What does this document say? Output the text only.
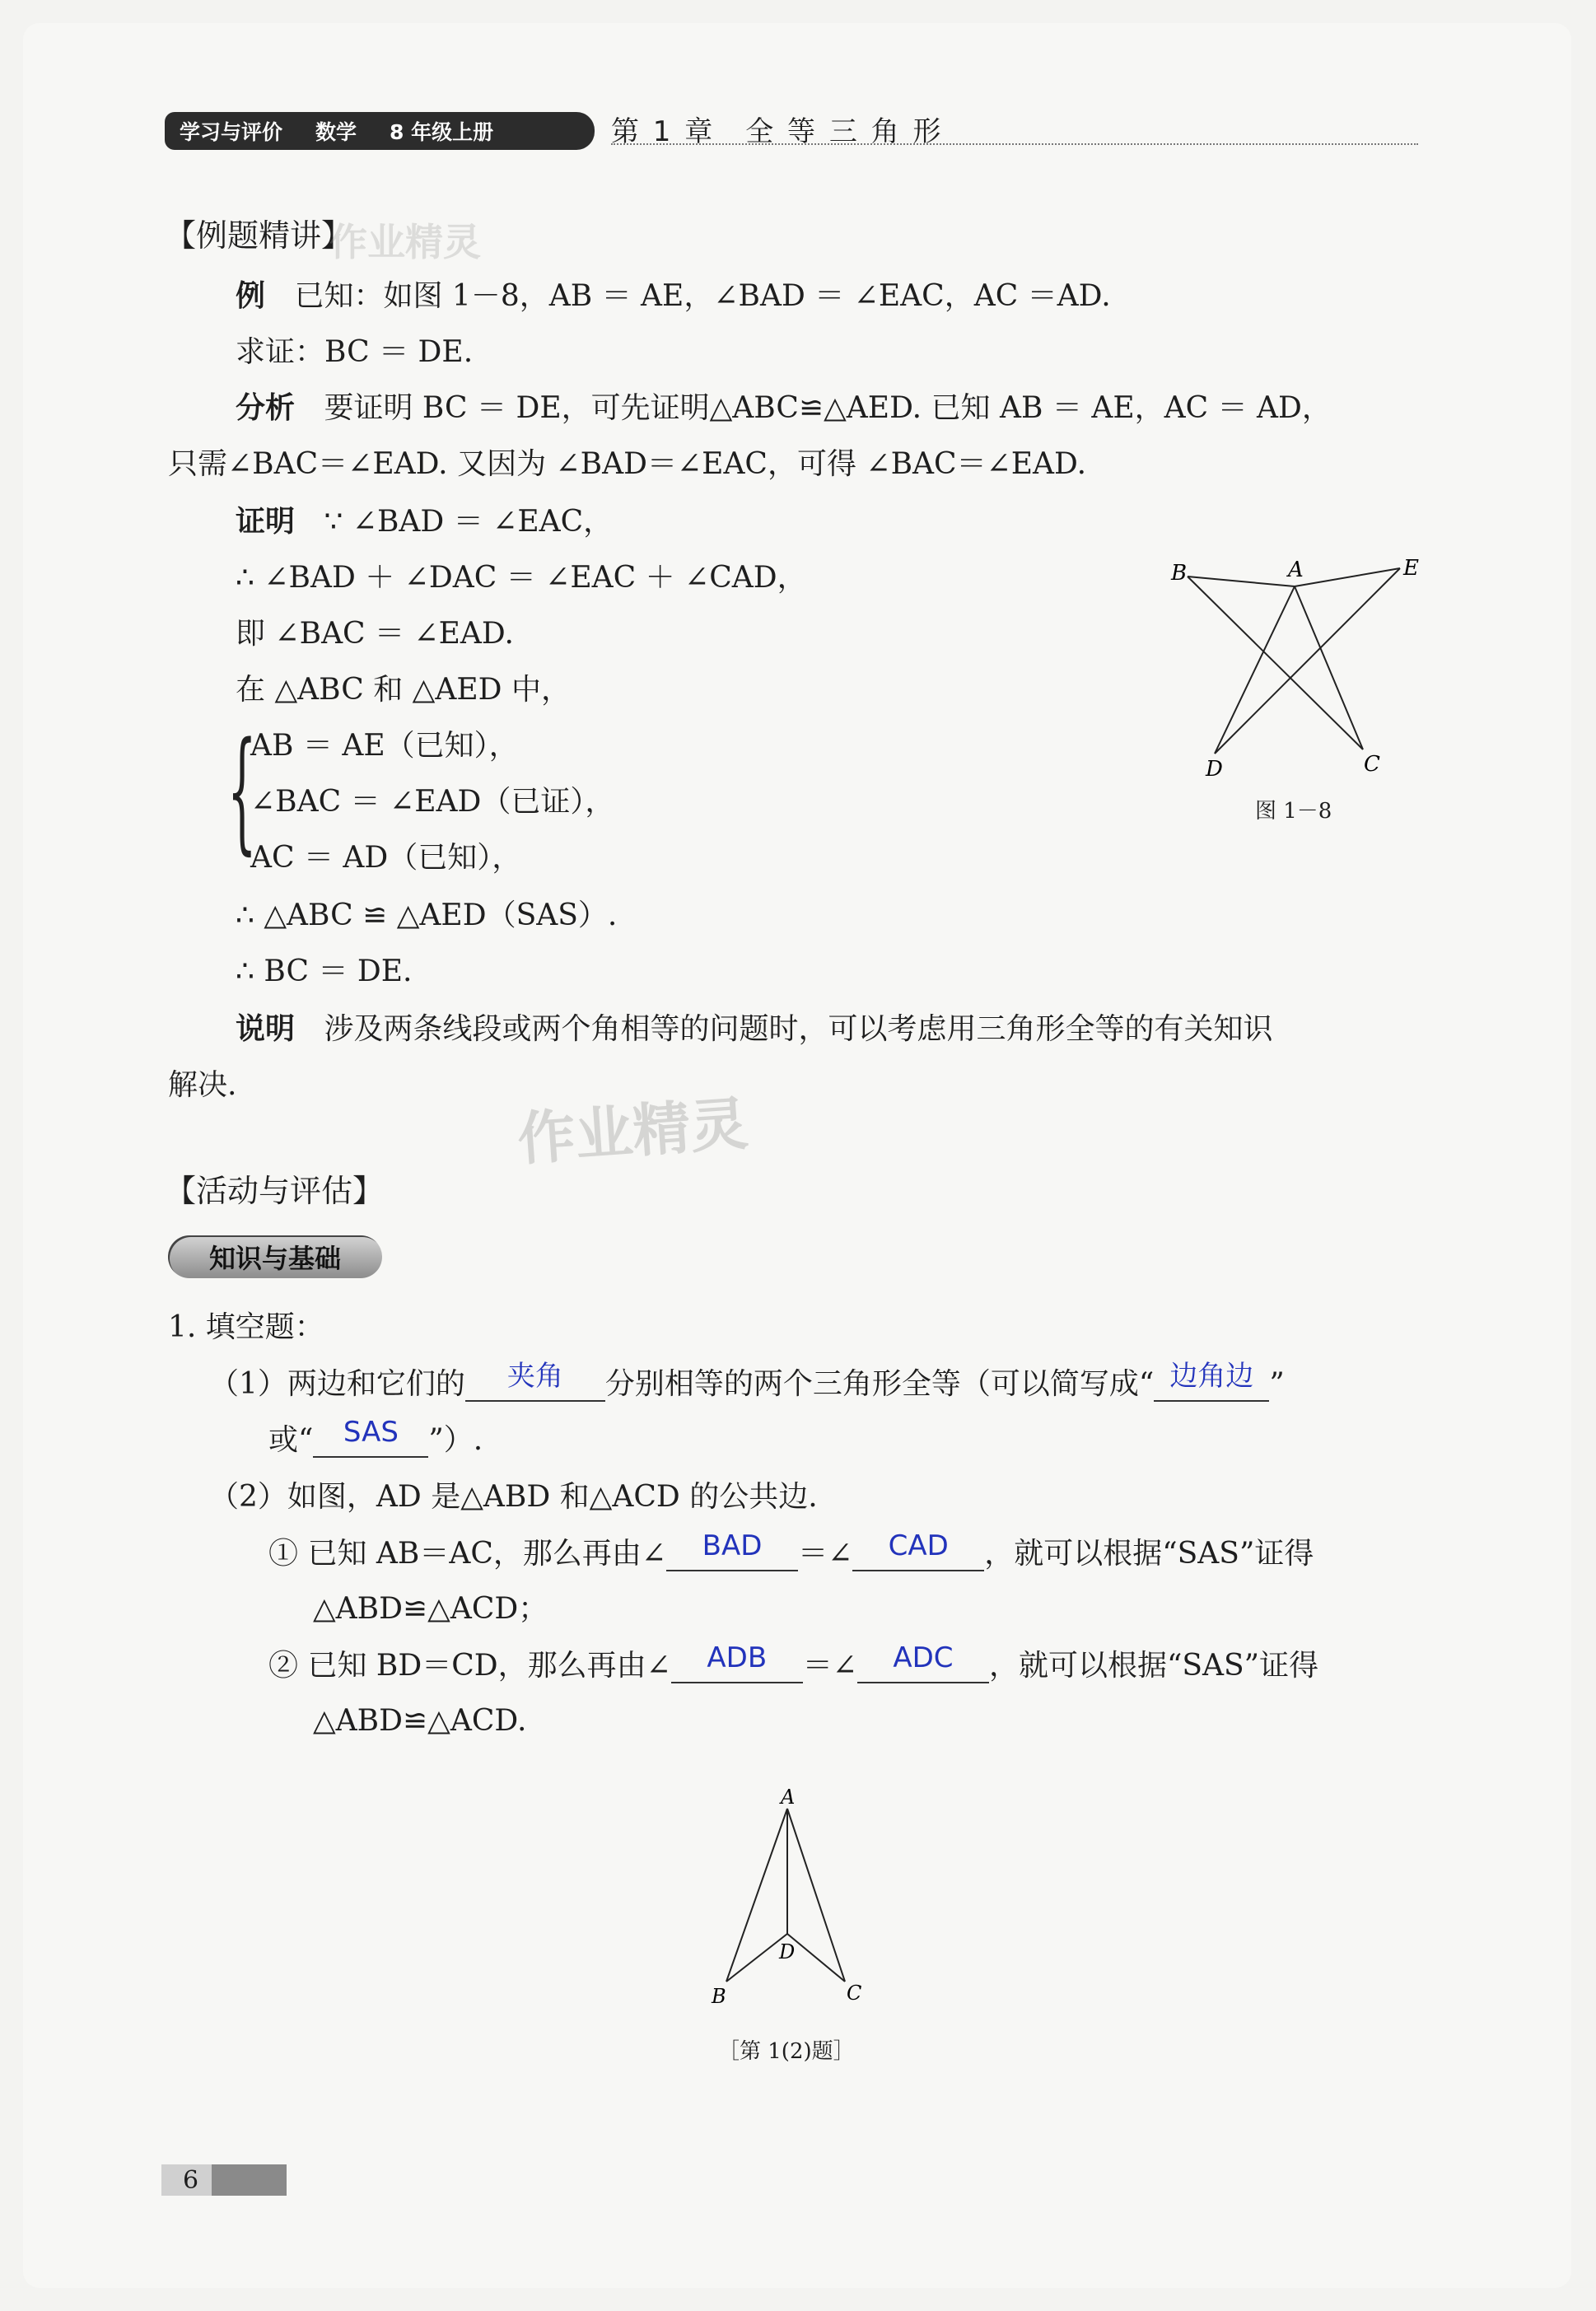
学习与评价 数学 8 年级上册	第 1 章　全 等 三 角 形
【例题精讲】
作业精灵
例 已知：如图 1－8，AB ＝ AE，∠BAD ＝ ∠EAC，AC ＝AD.
求证：BC ＝ DE.
分析 要证明 BC ＝ DE，可先证明△ABC≌△AED. 已知 AB ＝ AE，AC ＝ AD，
只需∠BAC＝∠EAD. 又因为 ∠BAD＝∠EAC，可得 ∠BAC＝∠EAD.
证明 ∵ ∠BAD ＝ ∠EAC，
∴ ∠BAD ＋ ∠DAC ＝ ∠EAC ＋ ∠CAD，
即 ∠BAC ＝ ∠EAD.
在 △ABC 和 △AED 中，
{
AB ＝ AE（已知），
∠BAC ＝ ∠EAD（已证），
AC ＝ AD（已知），
∴ △ABC ≌ △AED（SAS）.
∴ BC ＝ DE.
说明 涉及两条线段或两个角相等的问题时，可以考虑用三角形全等的有关知识
解决.
作业精灵
B	A	E
D	C
图 1－8
【活动与评估】
知识与基础
1. 填空题：
（1）两边和它们的	夹角	分别相等的两个三角形全等（可以简写成“ 边角边 ”
或“	SAS	”）.
（2）如图，AD 是△ABD 和△ACD 的公共边.
① 已知 AB＝AC，那么再由∠	BAD	＝∠	CAD	，就可以根据“SAS”证得
△ABD≌△ACD；
② 已知 BD＝CD，那么再由∠	ADB	＝∠	ADC	，就可以根据“SAS”证得
△ABD≌△ACD.
A
B	C
D
［第 1(2)题］
6
